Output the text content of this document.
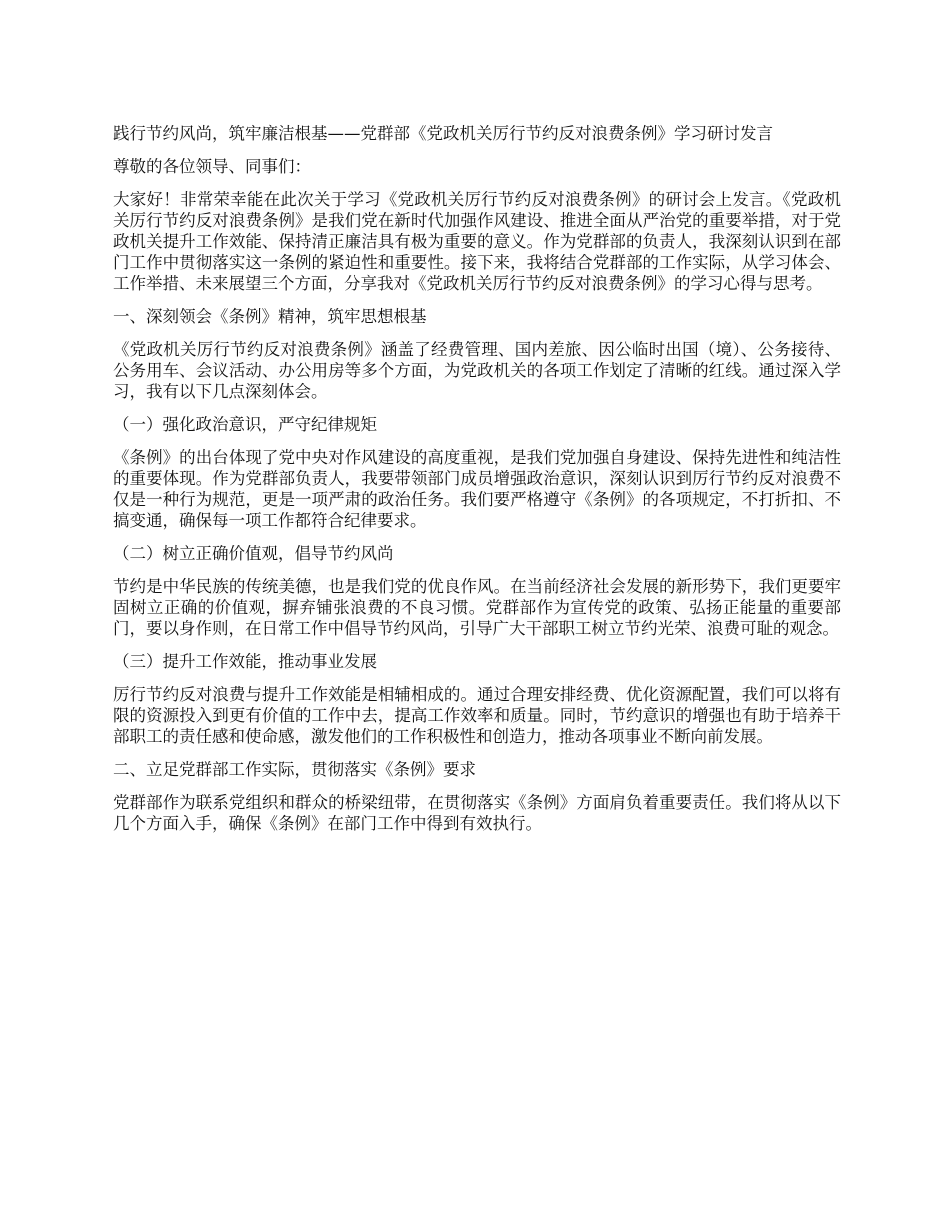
践行节约风尚，筑牢廉洁根基——党群部《党政机关厉行节约反对浪费条例》学习研讨发言

尊敬的各位领导、同事们：

大家好！非常荣幸能在此次关于学习《党政机关厉行节约反对浪费条例》的研讨会上发言。《党政机关厉行节约反对浪费条例》是我们党在新时代加强作风建设、推进全面从严治党的重要举措，对于党政机关提升工作效能、保持清正廉洁具有极为重要的意义。作为党群部的负责人，我深刻认识到在部门工作中贯彻落实这一条例的紧迫性和重要性。接下来，我将结合党群部的工作实际，从学习体会、工作举措、未来展望三个方面，分享我对《党政机关厉行节约反对浪费条例》的学习心得与思考。

一、深刻领会《条例》精神，筑牢思想根基

《党政机关厉行节约反对浪费条例》涵盖了经费管理、国内差旅、因公临时出国（境）、公务接待、公务用车、会议活动、办公用房等多个方面，为党政机关的各项工作划定了清晰的红线。通过深入学习，我有以下几点深刻体会。

（一）强化政治意识，严守纪律规矩

《条例》的出台体现了党中央对作风建设的高度重视，是我们党加强自身建设、保持先进性和纯洁性的重要体现。作为党群部负责人，我要带领部门成员增强政治意识，深刻认识到厉行节约反对浪费不仅是一种行为规范，更是一项严肃的政治任务。我们要严格遵守《条例》的各项规定，不打折扣、不搞变通，确保每一项工作都符合纪律要求。

（二）树立正确价值观，倡导节约风尚

节约是中华民族的传统美德，也是我们党的优良作风。在当前经济社会发展的新形势下，我们更要牢固树立正确的价值观，摒弃铺张浪费的不良习惯。党群部作为宣传党的政策、弘扬正能量的重要部门，要以身作则，在日常工作中倡导节约风尚，引导广大干部职工树立节约光荣、浪费可耻的观念。

（三）提升工作效能，推动事业发展

厉行节约反对浪费与提升工作效能是相辅相成的。通过合理安排经费、优化资源配置，我们可以将有限的资源投入到更有价值的工作中去，提高工作效率和质量。同时，节约意识的增强也有助于培养干部职工的责任感和使命感，激发他们的工作积极性和创造力，推动各项事业不断向前发展。

二、立足党群部工作实际，贯彻落实《条例》要求

党群部作为联系党组织和群众的桥梁纽带，在贯彻落实《条例》方面肩负着重要责任。我们将从以下几个方面入手，确保《条例》在部门工作中得到有效执行。
